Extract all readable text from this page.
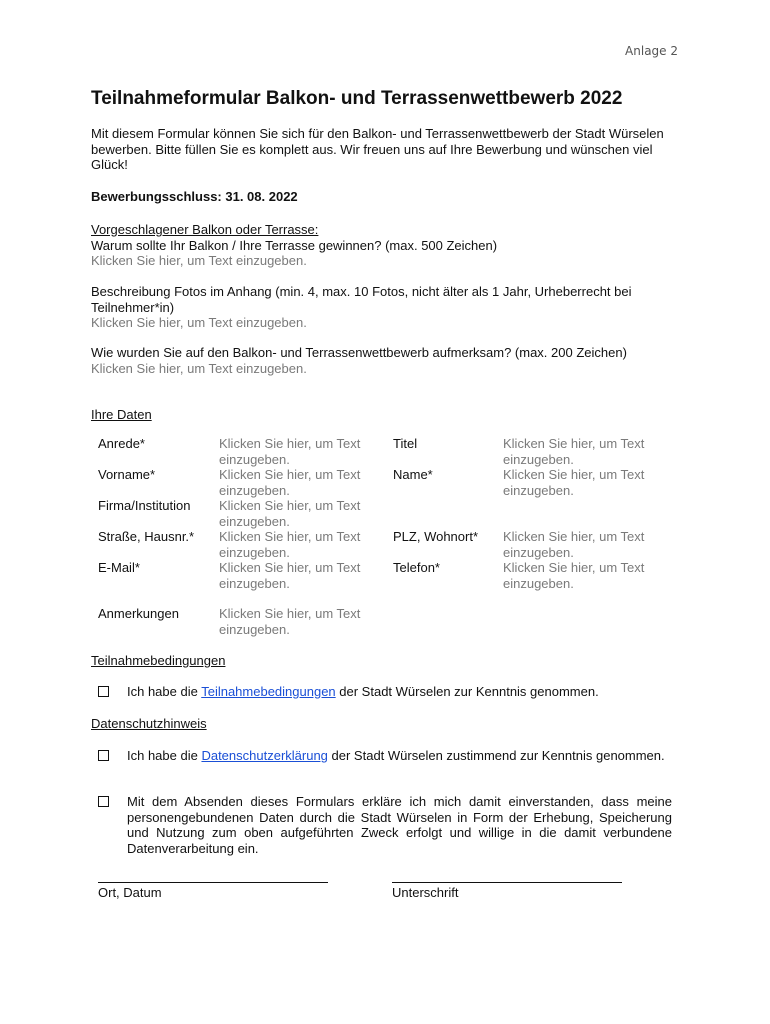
Anlage 2
Teilnahmeformular Balkon- und Terrassenwettbewerb 2022
Mit diesem Formular können Sie sich für den Balkon- und Terrassenwettbewerb der Stadt Würselen bewerben. Bitte füllen Sie es komplett aus. Wir freuen uns auf Ihre Bewerbung und wünschen viel Glück!
Bewerbungsschluss: 31. 08. 2022
Vorgeschlagener Balkon oder Terrasse:
Warum sollte Ihr Balkon / Ihre Terrasse gewinnen? (max. 500 Zeichen)
Klicken Sie hier, um Text einzugeben.
Beschreibung Fotos im Anhang (min. 4, max. 10 Fotos, nicht älter als 1 Jahr, Urheberrecht bei Teilnehmer*in)
Klicken Sie hier, um Text einzugeben.
Wie wurden Sie auf den Balkon- und Terrassenwettbewerb aufmerksam? (max. 200 Zeichen)
Klicken Sie hier, um Text einzugeben.
Ihre Daten
Anrede*	Klicken Sie hier, um Text einzugeben.	Titel	Klicken Sie hier, um Text einzugeben.
Vorname*	Klicken Sie hier, um Text einzugeben.	Name*	Klicken Sie hier, um Text einzugeben.
Firma/Institution	Klicken Sie hier, um Text einzugeben.		
Straße, Hausnr.*	Klicken Sie hier, um Text einzugeben.	PLZ, Wohnort*	Klicken Sie hier, um Text einzugeben.
E-Mail*	Klicken Sie hier, um Text einzugeben.	Telefon*	Klicken Sie hier, um Text einzugeben.
Anmerkungen	Klicken Sie hier, um Text einzugeben.		
Teilnahmebedingungen
Ich habe die Teilnahmebedingungen der Stadt Würselen zur Kenntnis genommen.
Datenschutzhinweis
Ich habe die Datenschutzerklärung der Stadt Würselen zustimmend zur Kenntnis genommen.
Mit dem Absenden dieses Formulars erkläre ich mich damit einverstanden, dass meine personengebundenen Daten durch die Stadt Würselen in Form der Erhebung, Speicherung und Nutzung zum oben aufgeführten Zweck erfolgt und willige in die damit verbundene Datenverarbeitung ein.
Ort, Datum	Unterschrift
